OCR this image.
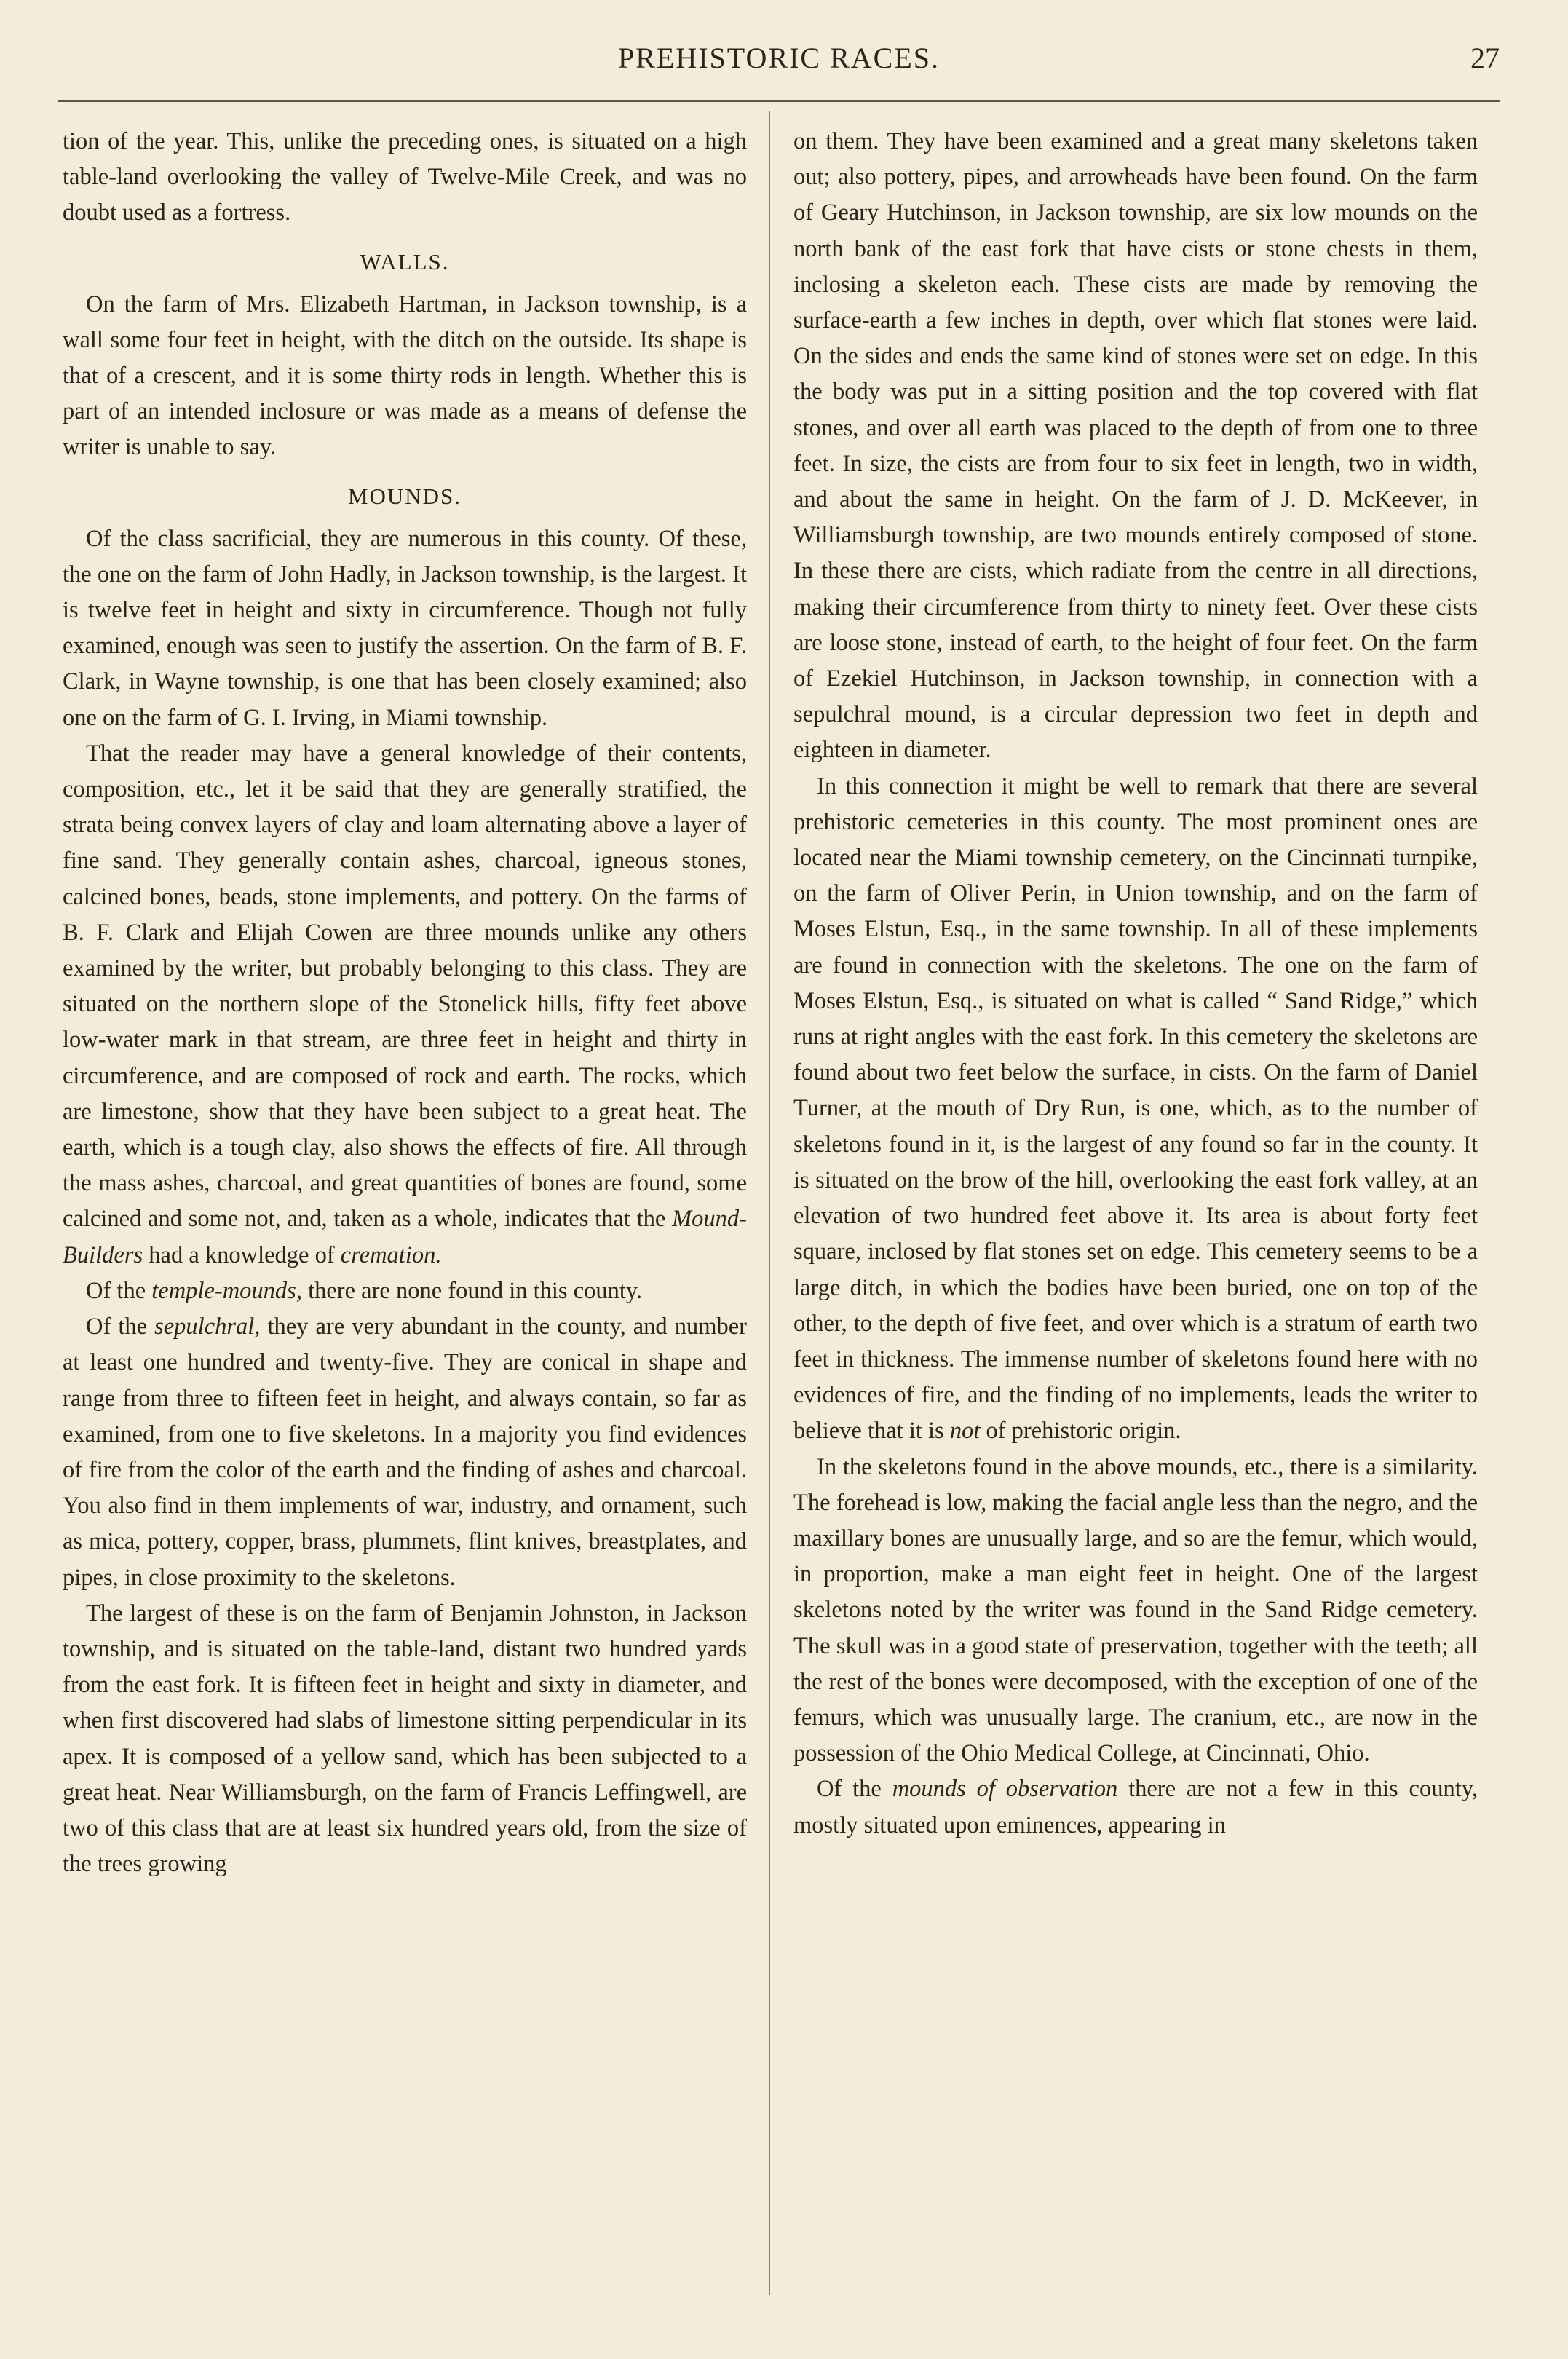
PREHISTORIC RACES.	27

tion of the year. This, unlike the preceding ones, is situated on a high table-land overlooking the valley of Twelve-Mile Creek, and was no doubt used as a fortress.

WALLS.

On the farm of Mrs. Elizabeth Hartman, in Jackson township, is a wall some four feet in height, with the ditch on the outside. Its shape is that of a crescent, and it is some thirty rods in length. Whether this is part of an intended inclosure or was made as a means of defense the writer is unable to say.

MOUNDS.

Of the class sacrificial, they are numerous in this county. Of these, the one on the farm of John Hadly, in Jackson township, is the largest. It is twelve feet in height and sixty in circumference. Though not fully examined, enough was seen to justify the assertion. On the farm of B. F. Clark, in Wayne township, is one that has been closely examined; also one on the farm of G. I. Irving, in Miami township.

That the reader may have a general knowledge of their contents, composition, etc., let it be said that they are generally stratified, the strata being convex layers of clay and loam alternating above a layer of fine sand. They generally contain ashes, charcoal, igneous stones, calcined bones, beads, stone implements, and pottery. On the farms of B. F. Clark and Elijah Cowen are three mounds unlike any others examined by the writer, but probably belonging to this class. They are situated on the northern slope of the Stonelick hills, fifty feet above low-water mark in that stream, are three feet in height and thirty in circumference, and are composed of rock and earth. The rocks, which are limestone, show that they have been subject to a great heat. The earth, which is a tough clay, also shows the effects of fire. All through the mass ashes, charcoal, and great quantities of bones are found, some calcined and some not, and, taken as a whole, indicates that the Mound-Builders had a knowledge of cremation.

Of the temple-mounds, there are none found in this county.

Of the sepulchral, they are very abundant in the county, and number at least one hundred and twenty-five. They are conical in shape and range from three to fifteen feet in height, and always contain, so far as examined, from one to five skeletons. In a majority you find evidences of fire from the color of the earth and the finding of ashes and charcoal. You also find in them implements of war, industry, and ornament, such as mica, pottery, copper, brass, plummets, flint knives, breastplates, and pipes, in close proximity to the skeletons.

The largest of these is on the farm of Benjamin Johnston, in Jackson township, and is situated on the table-land, distant two hundred yards from the east fork. It is fifteen feet in height and sixty in diameter, and when first discovered had slabs of limestone sitting perpendicular in its apex. It is composed of a yellow sand, which has been subjected to a great heat. Near Williamsburgh, on the farm of Francis Leffingwell, are two of this class that are at least six hundred years old, from the size of the trees growing

on them. They have been examined and a great many skeletons taken out; also pottery, pipes, and arrowheads have been found. On the farm of Geary Hutchinson, in Jackson township, are six low mounds on the north bank of the east fork that have cists or stone chests in them, inclosing a skeleton each. These cists are made by removing the surface-earth a few inches in depth, over which flat stones were laid. On the sides and ends the same kind of stones were set on edge. In this the body was put in a sitting position and the top covered with flat stones, and over all earth was placed to the depth of from one to three feet. In size, the cists are from four to six feet in length, two in width, and about the same in height. On the farm of J. D. McKeever, in Williamsburgh township, are two mounds entirely composed of stone. In these there are cists, which radiate from the centre in all directions, making their circumference from thirty to ninety feet. Over these cists are loose stone, instead of earth, to the height of four feet. On the farm of Ezekiel Hutchinson, in Jackson township, in connection with a sepulchral mound, is a circular depression two feet in depth and eighteen in diameter.

In this connection it might be well to remark that there are several prehistoric cemeteries in this county. The most prominent ones are located near the Miami township cemetery, on the Cincinnati turnpike, on the farm of Oliver Perin, in Union township, and on the farm of Moses Elstun, Esq., in the same township. In all of these implements are found in connection with the skeletons. The one on the farm of Moses Elstun, Esq., is situated on what is called “ Sand Ridge,” which runs at right angles with the east fork. In this cemetery the skeletons are found about two feet below the surface, in cists. On the farm of Daniel Turner, at the mouth of Dry Run, is one, which, as to the number of skeletons found in it, is the largest of any found so far in the county. It is situated on the brow of the hill, overlooking the east fork valley, at an elevation of two hundred feet above it. Its area is about forty feet square, inclosed by flat stones set on edge. This cemetery seems to be a large ditch, in which the bodies have been buried, one on top of the other, to the depth of five feet, and over which is a stratum of earth two feet in thickness. The immense number of skeletons found here with no evidences of fire, and the finding of no implements, leads the writer to believe that it is not of prehistoric origin.

In the skeletons found in the above mounds, etc., there is a similarity. The forehead is low, making the facial angle less than the negro, and the maxillary bones are unusually large, and so are the femur, which would, in proportion, make a man eight feet in height. One of the largest skeletons noted by the writer was found in the Sand Ridge cemetery. The skull was in a good state of preservation, together with the teeth; all the rest of the bones were decomposed, with the exception of one of the femurs, which was unusually large. The cranium, etc., are now in the possession of the Ohio Medical College, at Cincinnati, Ohio.

Of the mounds of observation there are not a few in this county, mostly situated upon eminences, appearing in
